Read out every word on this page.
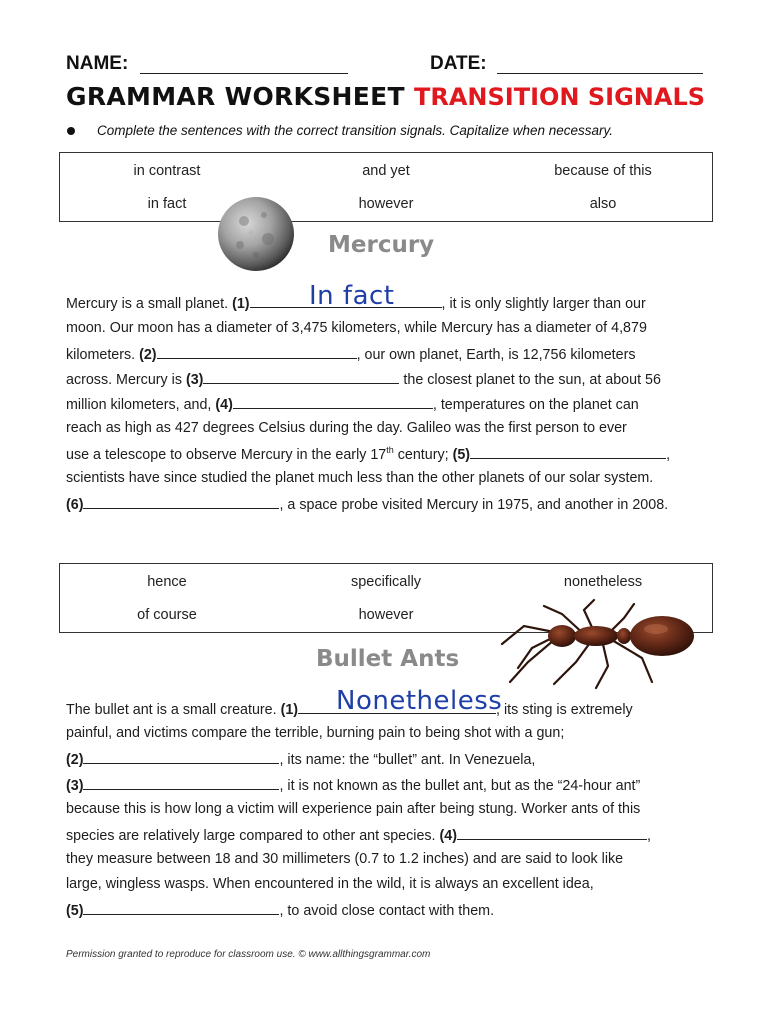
NAME:	DATE:
GRAMMAR WORKSHEET TRANSITION SIGNALS
Complete the sentences with the correct transition signals. Capitalize when necessary.
in contrast	and yet	because of this
in fact	however	also
Mercury
In fact
Mercury is a small planet. (1)	, it is only slightly larger than our
moon. Our moon has a diameter of 3,475 kilometers, while Mercury has a diameter of 4,879
kilometers. (2)	, our own planet, Earth, is 12,756 kilometers
across. Mercury is (3)	the closest planet to the sun, at about 56
million kilometers, and, (4)	, temperatures on the planet can
reach as high as 427 degrees Celsius during the day. Galileo was the first person to ever
use a telescope to observe Mercury in the early 17th century; (5)	,
scientists have since studied the planet much less than the other planets of our solar system.
(6)	, a space probe visited Mercury in 1975, and another in 2008.
hence	specifically	nonetheless
of course	however
Bullet Ants
Nonetheless
The bullet ant is a small creature. (1)	, its sting is extremely
painful, and victims compare the terrible, burning pain to being shot with a gun;
(2)	, its name: the “bullet” ant. In Venezuela,
(3)	, it is not known as the bullet ant, but as the “24-hour ant”
because this is how long a victim will experience pain after being stung. Worker ants of this
species are relatively large compared to other ant species. (4)	,
they measure between 18 and 30 millimeters (0.7 to 1.2 inches) and are said to look like
large, wingless wasps. When encountered in the wild, it is always an excellent idea,
(5)	, to avoid close contact with them.
Permission granted to reproduce for classroom use. © www.allthingsgrammar.com
